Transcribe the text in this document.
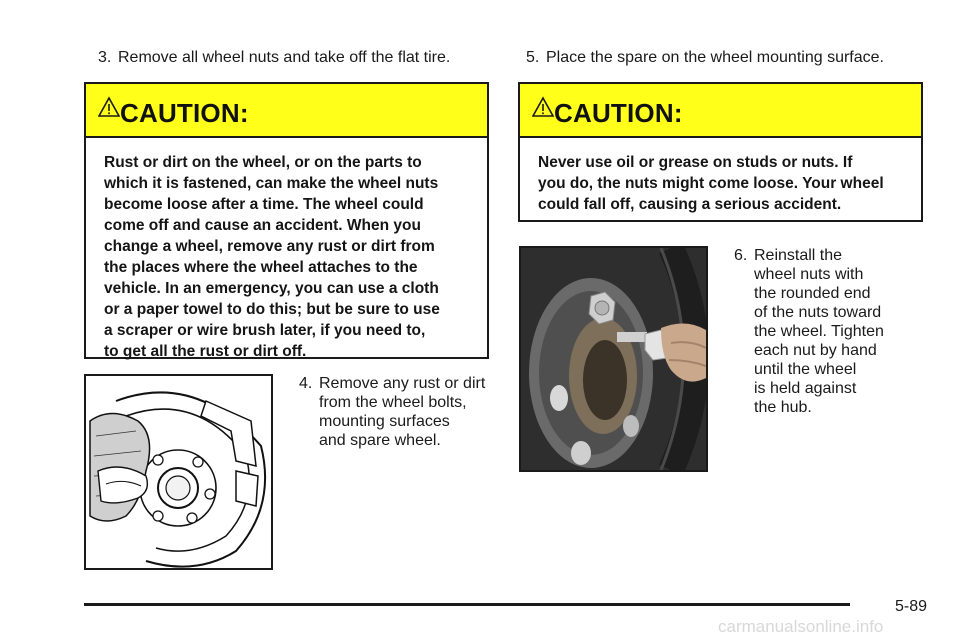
3. Remove all wheel nuts and take off the flat tire.
CAUTION:
Rust or dirt on the wheel, or on the parts to
which it is fastened, can make the wheel nuts
become loose after a time. The wheel could
come off and cause an accident. When you
change a wheel, remove any rust or dirt from
the places where the wheel attaches to the
vehicle. In an emergency, you can use a cloth
or a paper towel to do this; but be sure to use
a scraper or wire brush later, if you need to,
to get all the rust or dirt off.
4. Remove any rust or dirt
from the wheel bolts,
mounting surfaces
and spare wheel.
5. Place the spare on the wheel mounting surface.
CAUTION:
Never use oil or grease on studs or nuts. If
you do, the nuts might come loose. Your wheel
could fall off, causing a serious accident.
6. Reinstall the
wheel nuts with
the rounded end
of the nuts toward
the wheel. Tighten
each nut by hand
until the wheel
is held against
the hub.
5-89
carmanualsonline.info
